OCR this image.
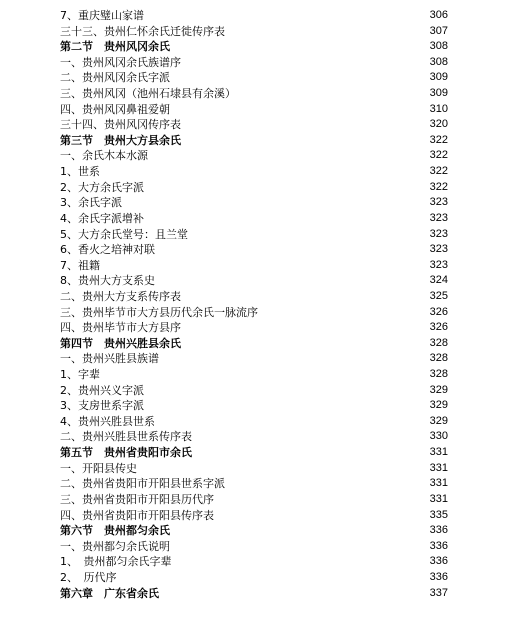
7、重庆璧山家谱	306
三十三、贵州仁怀余氏迁徙传序表	307
第二节　贵州风冈余氏	308
一、贵州风冈余氏族谱序	308
二、贵州风冈余氏字派	309
三、贵州风冈（池州石埭县有余溪）	309
四、贵州风冈鼻祖爱朝	310
三十四、贵州风冈传序表	320
第三节　贵州大方县余氏	322
一、余氏木本水源	322
1、世系	322
2、大方余氏字派	322
3、余氏字派	323
4、余氏字派增补	323
5、大方余氏堂号：且兰堂	323
6、香火之培神对联	323
7、祖籍	323
8、贵州大方支系史	324
二、贵州大方支系传序表	325
三、贵州毕节市大方县历代余氏一脉流序	326
四、贵州毕节市大方县序	326
第四节　贵州兴胜县余氏	328
一、贵州兴胜县族谱	328
1、字辈	328
2、贵州兴义字派	329
3、支房世系字派	329
4、贵州兴胜县世系	329
二、贵州兴胜县世系传序表	330
第五节　贵州省贵阳市余氏	331
一、开阳县传史	331
二、贵州省贵阳市开阳县世系字派	331
三、贵州省贵阳市开阳县历代序	331
四、贵州省贵阳市开阳县传序表	335
第六节　贵州都匀余氏	336
一、贵州都匀余氏说明	336
1、　贵州都匀余氏字辈	336
2、　历代序	336
第六章　广东省余氏	337
